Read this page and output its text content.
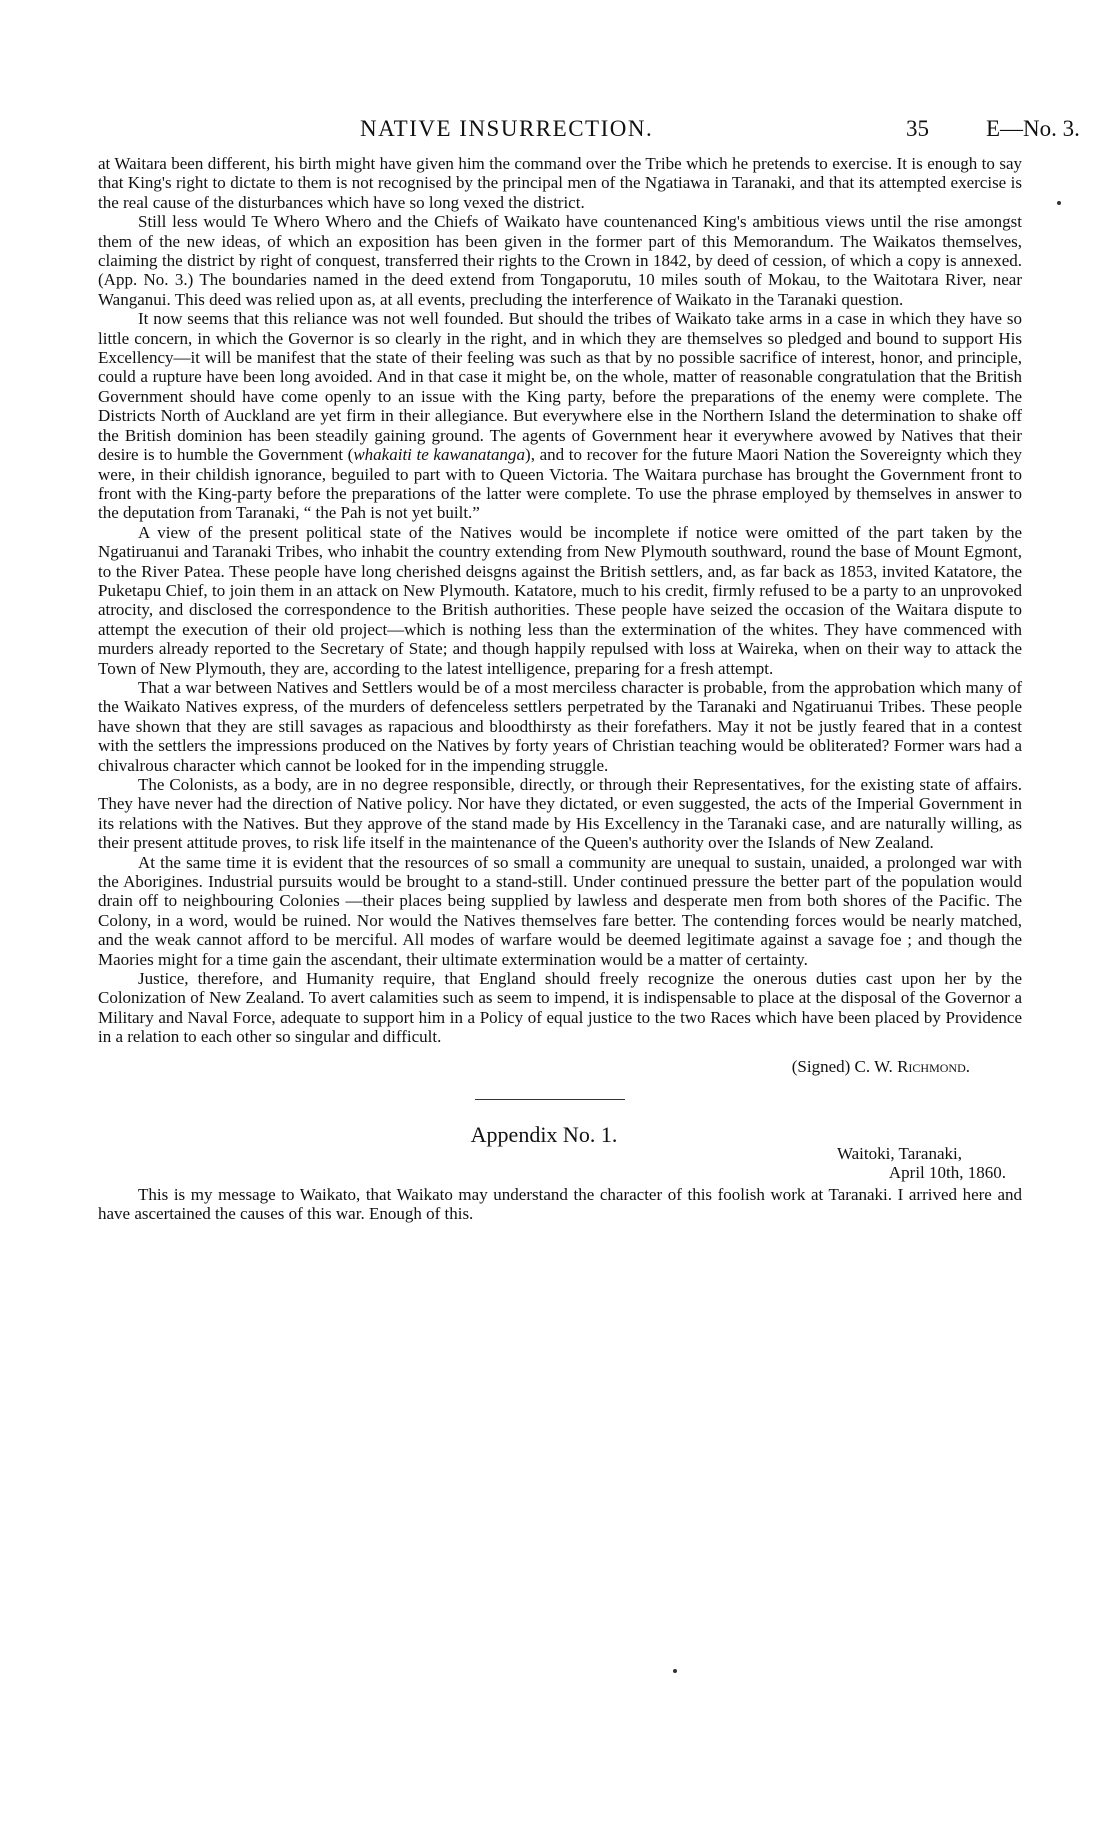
NATIVE INSURRECTION.	35 E—No. 3.

at Waitara been different, his birth might have given him the command over the Tribe which he pretends to exercise. It is enough to say that King's right to dictate to them is not recognised by the principal men of the Ngatiawa in Taranaki, and that its attempted exercise is the real cause of the disturbances which have so long vexed the district.

Still less would Te Whero Whero and the Chiefs of Waikato have countenanced King's ambitious views until the rise amongst them of the new ideas, of which an exposition has been given in the former part of this Memorandum. The Waikatos themselves, claiming the district by right of conquest, transferred their rights to the Crown in 1842, by deed of cession, of which a copy is annexed. (App. No. 3.) The boundaries named in the deed extend from Tongaporutu, 10 miles south of Mokau, to the Waitotara River, near Wanganui. This deed was relied upon as, at all events, precluding the interference of Waikato in the Taranaki question.

It now seems that this reliance was not well founded. But should the tribes of Waikato take arms in a case in which they have so little concern, in which the Governor is so clearly in the right, and in which they are themselves so pledged and bound to support His Excellency—it will be manifest that the state of their feeling was such as that by no possible sacrifice of interest, honor, and principle, could a rupture have been long avoided. And in that case it might be, on the whole, matter of reasonable congratulation that the British Government should have come openly to an issue with the King party, before the preparations of the enemy were complete. The Districts North of Auckland are yet firm in their allegiance. But everywhere else in the Northern Island the determination to shake off the British dominion has been steadily gaining ground. The agents of Government hear it everywhere avowed by Natives that their desire is to humble the Government (whakaiti te kawanatanga), and to recover for the future Maori Nation the Sovereignty which they were, in their childish ignorance, beguiled to part with to Queen Victoria. The Waitara purchase has brought the Government front to front with the King-party before the preparations of the latter were complete. To use the phrase employed by themselves in answer to the deputation from Taranaki, “ the Pah is not yet built.”

A view of the present political state of the Natives would be incomplete if notice were omitted of the part taken by the Ngatiruanui and Taranaki Tribes, who inhabit the country extending from New Plymouth southward, round the base of Mount Egmont, to the River Patea. These people have long cherished deisgns against the British settlers, and, as far back as 1853, invited Katatore, the Puketapu Chief, to join them in an attack on New Plymouth. Katatore, much to his credit, firmly refused to be a party to an unprovoked atrocity, and disclosed the correspondence to the British authorities. These people have seized the occasion of the Waitara dispute to attempt the execution of their old project—which is nothing less than the extermination of the whites. They have commenced with murders already reported to the Secretary of State; and though happily repulsed with loss at Waireka, when on their way to attack the Town of New Plymouth, they are, according to the latest intelligence, preparing for a fresh attempt.

That a war between Natives and Settlers would be of a most merciless character is probable, from the approbation which many of the Waikato Natives express, of the murders of defenceless settlers perpetrated by the Taranaki and Ngatiruanui Tribes. These people have shown that they are still savages as rapacious and bloodthirsty as their forefathers. May it not be justly feared that in a contest with the settlers the impressions produced on the Natives by forty years of Christian teaching would be obliterated? Former wars had a chivalrous character which cannot be looked for in the impending struggle.

The Colonists, as a body, are in no degree responsible, directly, or through their Representatives, for the existing state of affairs. They have never had the direction of Native policy. Nor have they dictated, or even suggested, the acts of the Imperial Government in its relations with the Natives. But they approve of the stand made by His Excellency in the Taranaki case, and are naturally willing, as their present attitude proves, to risk life itself in the maintenance of the Queen's authority over the Islands of New Zealand.

At the same time it is evident that the resources of so small a community are unequal to sustain, unaided, a prolonged war with the Aborigines. Industrial pursuits would be brought to a stand-still. Under continued pressure the better part of the population would drain off to neighbouring Colonies —their places being supplied by lawless and desperate men from both shores of the Pacific. The Colony, in a word, would be ruined. Nor would the Natives themselves fare better. The contending forces would be nearly matched, and the weak cannot afford to be merciful. All modes of warfare would be deemed legitimate against a savage foe ; and though the Maories might for a time gain the ascendant, their ultimate extermination would be a matter of certainty.

Justice, therefore, and Humanity require, that England should freely recognize the onerous duties cast upon her by the Colonization of New Zealand. To avert calamities such as seem to impend, it is indispensable to place at the disposal of the Governor a Military and Naval Force, adequate to support him in a Policy of equal justice to the two Races which have been placed by Providence in a relation to each other so singular and difficult.

(Signed) C. W. Richmond.
Appendix No. 1.
Waitoki, Taranaki,
April 10th, 1860.

This is my message to Waikato, that Waikato may understand the character of this foolish work at Taranaki. I arrived here and have ascertained the causes of this war. Enough of this.
